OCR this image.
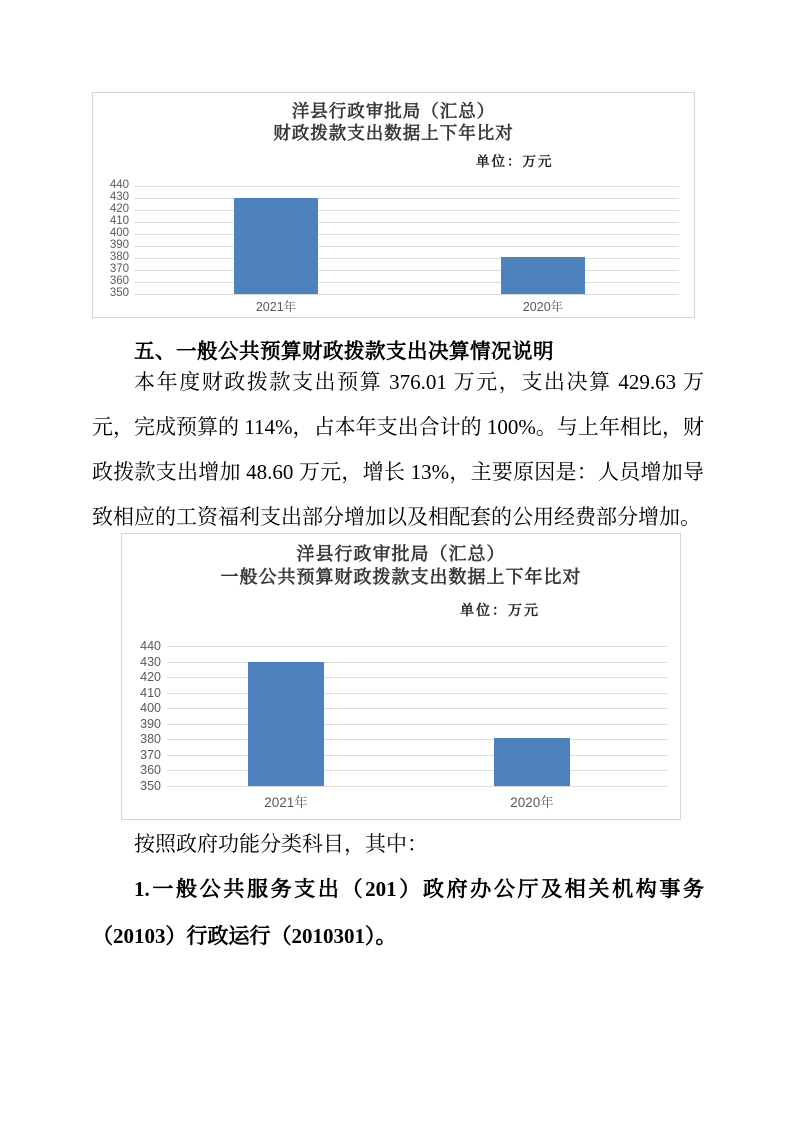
洋县行政审批局（汇总）
财政拨款支出数据上下年比对
单位：万元
440
430
420
410
400
390
380
370
360
350
2021年	2020年
五、一般公共预算财政拨款支出决算情况说明
本年度财政拨款支出预算 376.01 万元，支出决算 429.63 万元，完成预算的 114%，占本年支出合计的 100%。与上年相比，财政拨款支出增加 48.60 万元，增长 13%，主要原因是：人员增加导致相应的工资福利支出部分增加以及相配套的公用经费部分增加。
洋县行政审批局（汇总）
一般公共预算财政拨款支出数据上下年比对
单位：万元
440
430
420
410
400
390
380
370
360
350
2021年	2020年
按照政府功能分类科目，其中：
1.一般公共服务支出（201）政府办公厅及相关机构事务（20103）行政运行（2010301）。
